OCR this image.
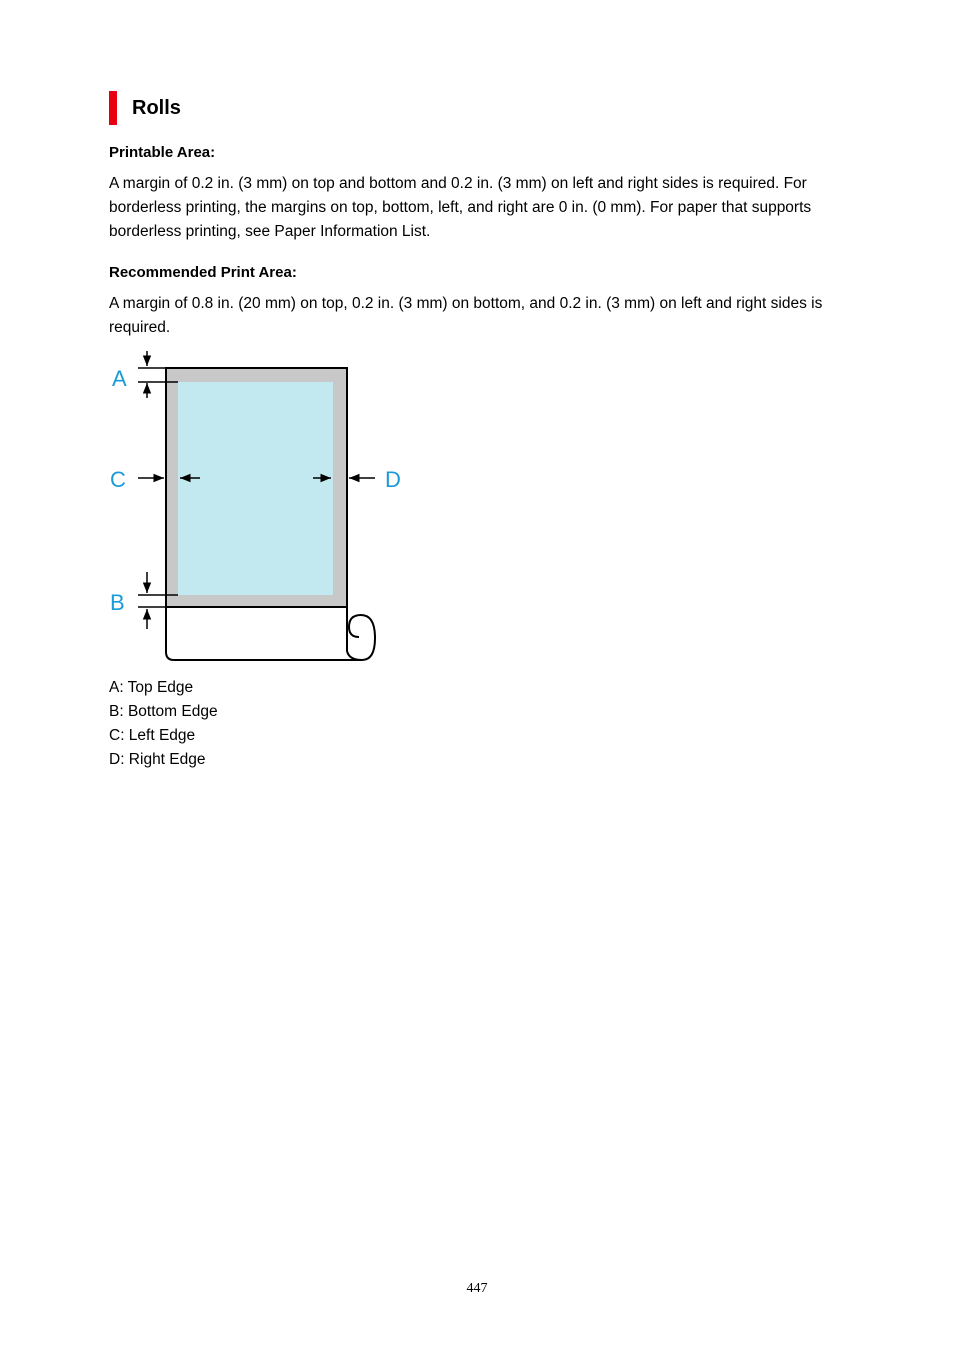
Rolls
Printable Area:
A margin of 0.2 in. (3 mm) on top and bottom and 0.2 in. (3 mm) on left and right sides is required. For borderless printing, the margins on top, bottom, left, and right are 0 in. (0 mm). For paper that supports borderless printing, see Paper Information List.
Recommended Print Area:
A margin of 0.8 in. (20 mm) on top, 0.2 in. (3 mm) on bottom, and 0.2 in. (3 mm) on left and right sides is required.
A
B
C	D
A: Top Edge
B: Bottom Edge
C: Left Edge
D: Right Edge
447
